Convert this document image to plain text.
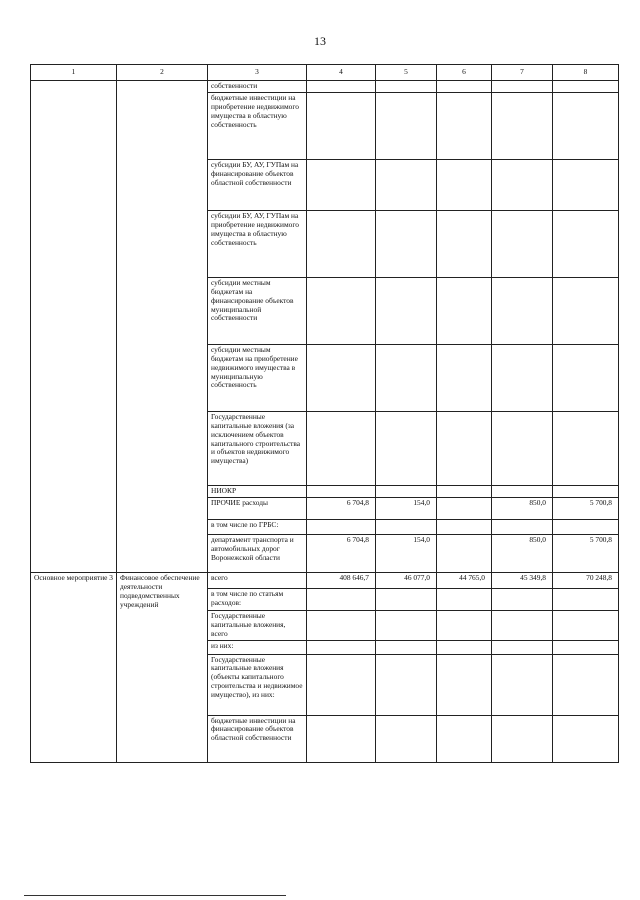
13
1	2	3	4	5	6	7	8
		собственности					
		бюджетные инвестиции на приобретение недвижимого имущества в областную собственность					
		субсидии БУ, АУ, ГУПам на финансирование объектов областной собственности					
		субсидии БУ, АУ, ГУПам на приобретение недвижимого имущества в областную собственность					
		субсидии местным бюджетам на финансирование объектов муниципальной собственности					
		субсидии местным бюджетам на приобретение недвижимого имущества в муниципальную собственность					
		Государственные капитальные вложения (за исключением объектов капитального строительства и объектов недвижимого имущества)					
		НИОКР					
		ПРОЧИЕ расходы	6 704,8	154,0		850,0	5 700,8
		в том числе по ГРБС:					
		департамент транспорта и автомобильных дорог Воронежской области	6 704,8	154,0		850,0	5 700,8
Основное мероприятие 3	Финансовое обеспечение деятельности подведомственных учреждений	всего	408 646,7	46 077,0	44 765,0	45 349,8	70 248,8
		в том числе по статьям расходов:					
		Государственные капитальные вложения, всего					
		из них:					
		Государственные капитальные вложения (объекты капитального строительства и недвижимое имущество), из них:					
		бюджетные инвестиции на финансирование объектов областной собственности					
